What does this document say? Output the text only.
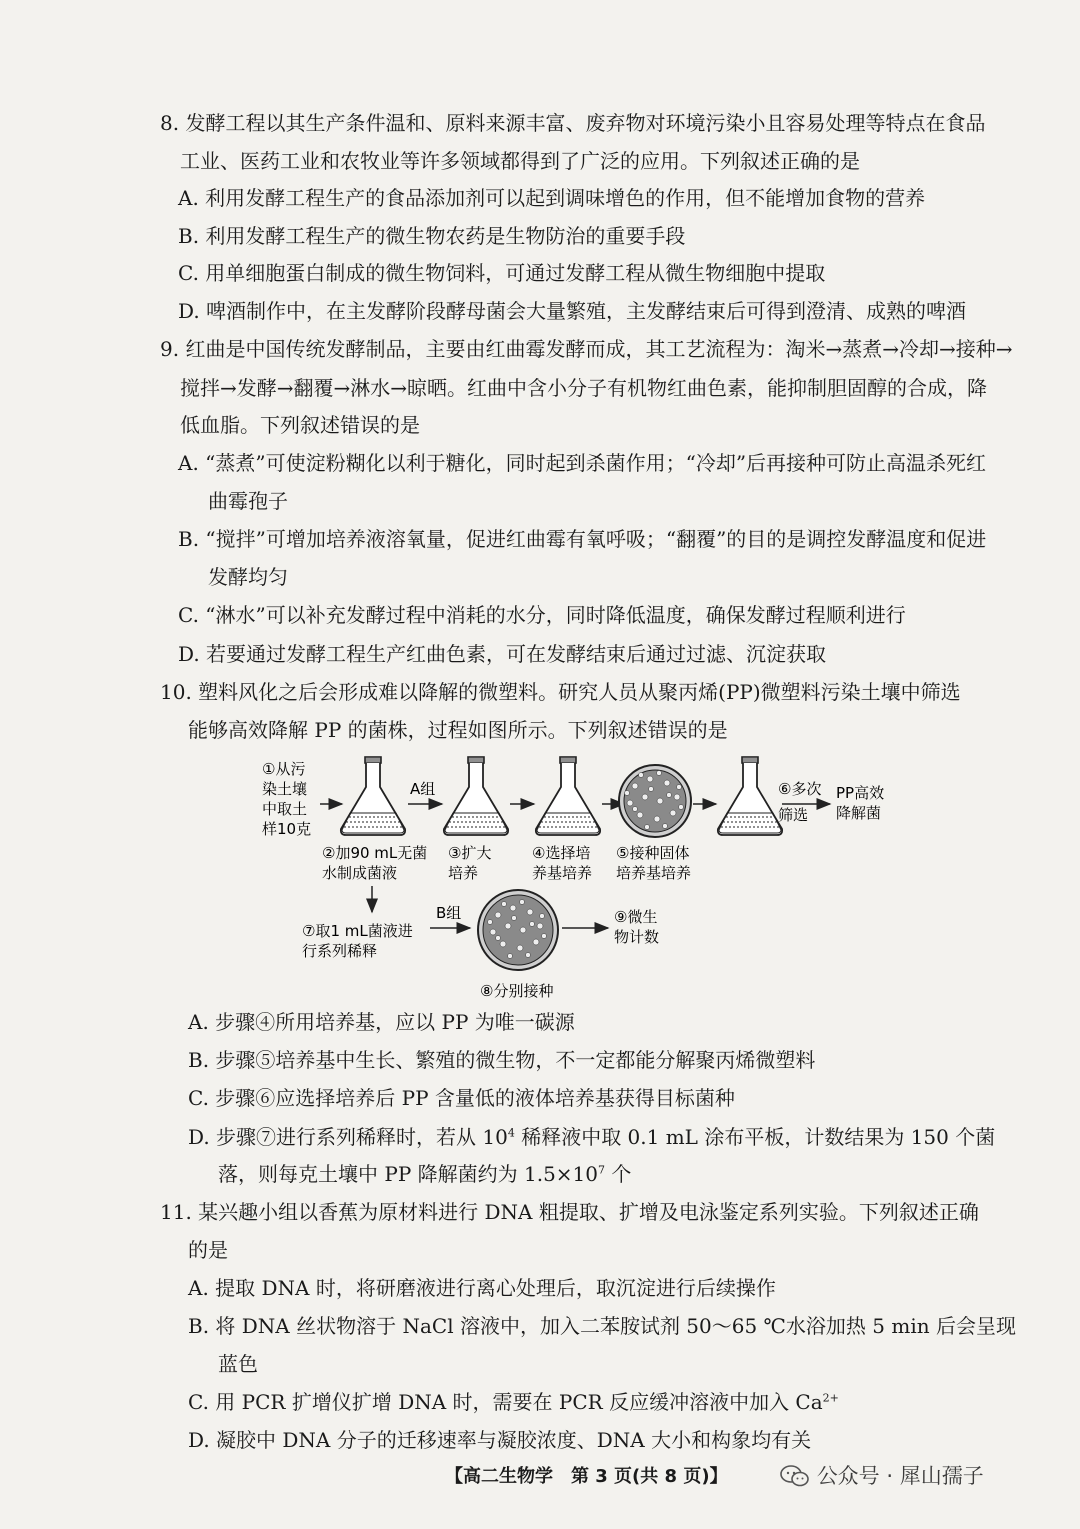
8. 发酵工程以其生产条件温和、原料来源丰富、废弃物对环境污染小且容易处理等特点在食品
工业、医药工业和农牧业等许多领域都得到了广泛的应用。下列叙述正确的是
A. 利用发酵工程生产的食品添加剂可以起到调味增色的作用，但不能增加食物的营养
B. 利用发酵工程生产的微生物农药是生物防治的重要手段
C. 用单细胞蛋白制成的微生物饲料，可通过发酵工程从微生物细胞中提取
D. 啤酒制作中，在主发酵阶段酵母菌会大量繁殖，主发酵结束后可得到澄清、成熟的啤酒
9. 红曲是中国传统发酵制品，主要由红曲霉发酵而成，其工艺流程为：淘米→蒸煮→冷却→接种→
搅拌→发酵→翻覆→淋水→晾晒。红曲中含小分子有机物红曲色素，能抑制胆固醇的合成，降
低血脂。下列叙述错误的是
A. “蒸煮”可使淀粉糊化以利于糖化，同时起到杀菌作用；“冷却”后再接种可防止高温杀死红
曲霉孢子
B. “搅拌”可增加培养液溶氧量，促进红曲霉有氧呼吸；“翻覆”的目的是调控发酵温度和促进
发酵均匀
C. “淋水”可以补充发酵过程中消耗的水分，同时降低温度，确保发酵过程顺利进行
D. 若要通过发酵工程生产红曲色素，可在发酵结束后通过过滤、沉淀获取
10. 塑料风化之后会形成难以降解的微塑料。研究人员从聚丙烯(PP)微塑料污染土壤中筛选
能够高效降解 PP 的菌株，过程如图所示。下列叙述错误的是
①从污
染土壤
中取土
样10克
A组	⑥多次
筛选
PP高效
降解菌
②加90 mL无菌
水制成菌液
③扩大
培养
④选择培
养基培养
⑤接种固体
培养基培养
⑦取1 mL菌液进
行系列稀释
B组	⑨微生
物计数
⑧分别接种
A. 步骤④所用培养基，应以 PP 为唯一碳源
B. 步骤⑤培养基中生长、繁殖的微生物，不一定都能分解聚丙烯微塑料
C. 步骤⑥应选择培养后 PP 含量低的液体培养基获得目标菌种
D. 步骤⑦进行系列稀释时，若从 $10^4$ 稀释液中取 0.1 mL 涂布平板，计数结果为 150 个菌
落，则每克土壤中 PP 降解菌约为 $1.5\times 10^7$ 个
11. 某兴趣小组以香蕉为原材料进行 DNA 粗提取、扩增及电泳鉴定系列实验。下列叙述正确
的是
A. 提取 DNA 时，将研磨液进行离心处理后，取沉淀进行后续操作
B. 将 DNA 丝状物溶于 NaCl 溶液中，加入二苯胺试剂 50～65 ℃水浴加热 5 min 后会呈现
蓝色
C. 用 PCR 扩增仪扩增 DNA 时，需要在 PCR 反应缓冲溶液中加入 $Ca^{2+}$
D. 凝胶中 DNA 分子的迁移速率与凝胶浓度、DNA 大小和构象均有关
【高二生物学　第 3 页(共 8 页)】	公众号 · 犀山孺子
